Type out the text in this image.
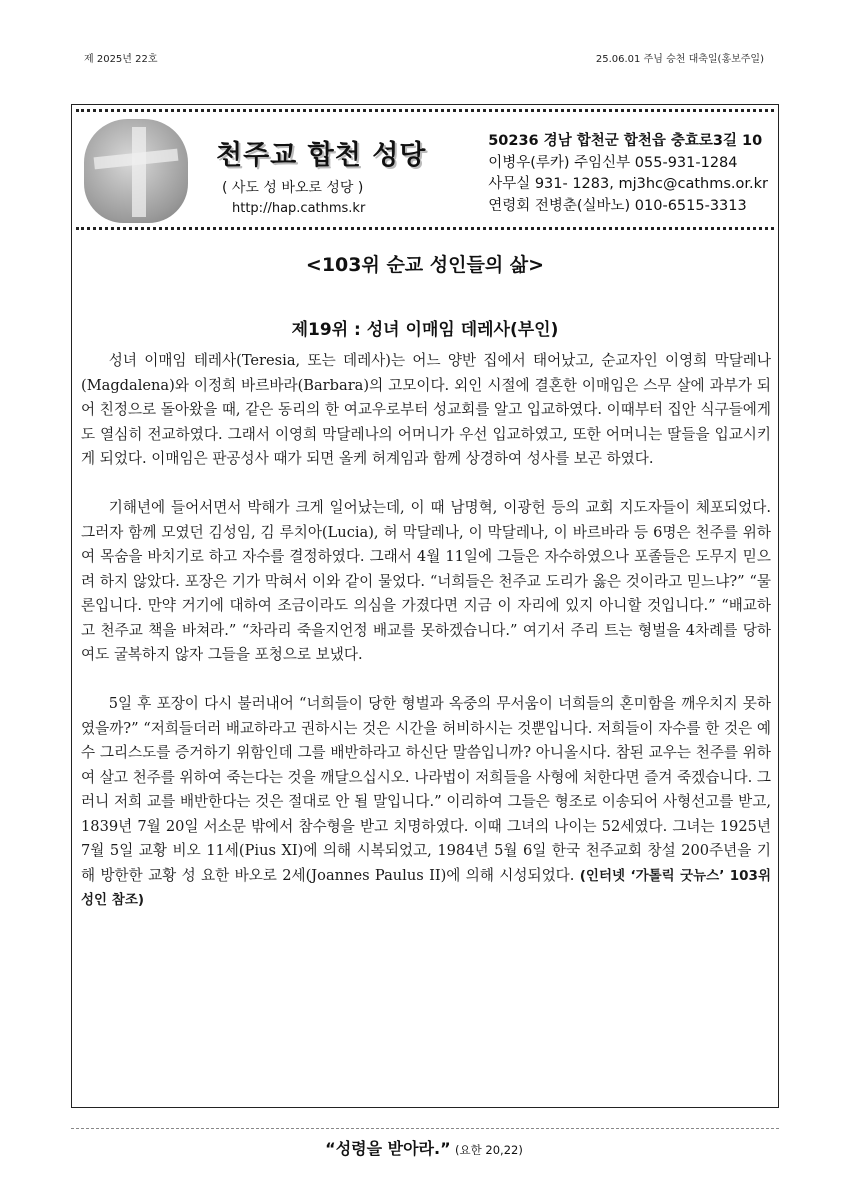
제 2025년 22호	25.06.01 주님 승천 대축일(홍보주일)
천주교 합천 성당
( 사도 성 바오로 성당 )
http://hap.cathms.kr
50236 경남 합천군 합천읍 충효로3길 10
이병우(루카) 주임신부 055-931-1284
사무실 931- 1283, mj3hc@cathms.or.kr
연령회 전병춘(실바노) 010-6515-3313
<103위 순교 성인들의 삶>
제19위 : 성녀 이매임 데레사(부인)

성녀 이매임 테레사(Teresia, 또는 데레사)는 어느 양반 집에서 태어났고, 순교자인 이영희 막달레나(Magdalena)와 이정희 바르바라(Barbara)의 고모이다. 외인 시절에 결혼한 이매임은 스무 살에 과부가 되어 친정으로 돌아왔을 때, 같은 동리의 한 여교우로부터 성교회를 알고 입교하였다. 이때부터 집안 식구들에게도 열심히 전교하였다. 그래서 이영희 막달레나의 어머니가 우선 입교하였고, 또한 어머니는 딸들을 입교시키게 되었다. 이매임은 판공성사 때가 되면 올케 허계임과 함께 상경하여 성사를 보곤 하였다.

기해년에 들어서면서 박해가 크게 일어났는데, 이 때 남명혁, 이광헌 등의 교회 지도자들이 체포되었다. 그러자 함께 모였던 김성임, 김 루치아(Lucia), 허 막달레나, 이 막달레나, 이 바르바라 등 6명은 천주를 위하여 목숨을 바치기로 하고 자수를 결정하였다. 그래서 4월 11일에 그들은 자수하였으나 포졸들은 도무지 믿으려 하지 않았다. 포장은 기가 막혀서 이와 같이 물었다. “너희들은 천주교 도리가 옳은 것이라고 믿느냐?” “물론입니다. 만약 거기에 대하여 조금이라도 의심을 가졌다면 지금 이 자리에 있지 아니할 것입니다.” “배교하고 천주교 책을 바쳐라.” “차라리 죽을지언정 배교를 못하겠습니다.” 여기서 주리 트는 형벌을 4차례를 당하여도 굴복하지 않자 그들을 포청으로 보냈다.

5일 후 포장이 다시 불러내어 “너희들이 당한 형벌과 옥중의 무서움이 너희들의 혼미함을 깨우치지 못하였을까?” “저희들더러 배교하라고 권하시는 것은 시간을 허비하시는 것뿐입니다. 저희들이 자수를 한 것은 예수 그리스도를 증거하기 위함인데 그를 배반하라고 하신단 말씀입니까? 아니올시다. 참된 교우는 천주를 위하여 살고 천주를 위하여 죽는다는 것을 깨달으십시오. 나라법이 저희들을 사형에 처한다면 즐겨 죽겠습니다. 그러니 저희 교를 배반한다는 것은 절대로 안 될 말입니다.” 이리하여 그들은 형조로 이송되어 사형선고를 받고, 1839년 7월 20일 서소문 밖에서 참수형을 받고 치명하였다. 이때 그녀의 나이는 52세였다. 그녀는 1925년 7월 5일 교황 비오 11세(Pius XI)에 의해 시복되었고, 1984년 5월 6일 한국 천주교회 창설 200주년을 기해 방한한 교황 성 요한 바오로 2세(Joannes Paulus II)에 의해 시성되었다. (인터넷 ‘가톨릭 굿뉴스’ 103위 성인 참조)

“성령을 받아라.” (요한 20,22)
